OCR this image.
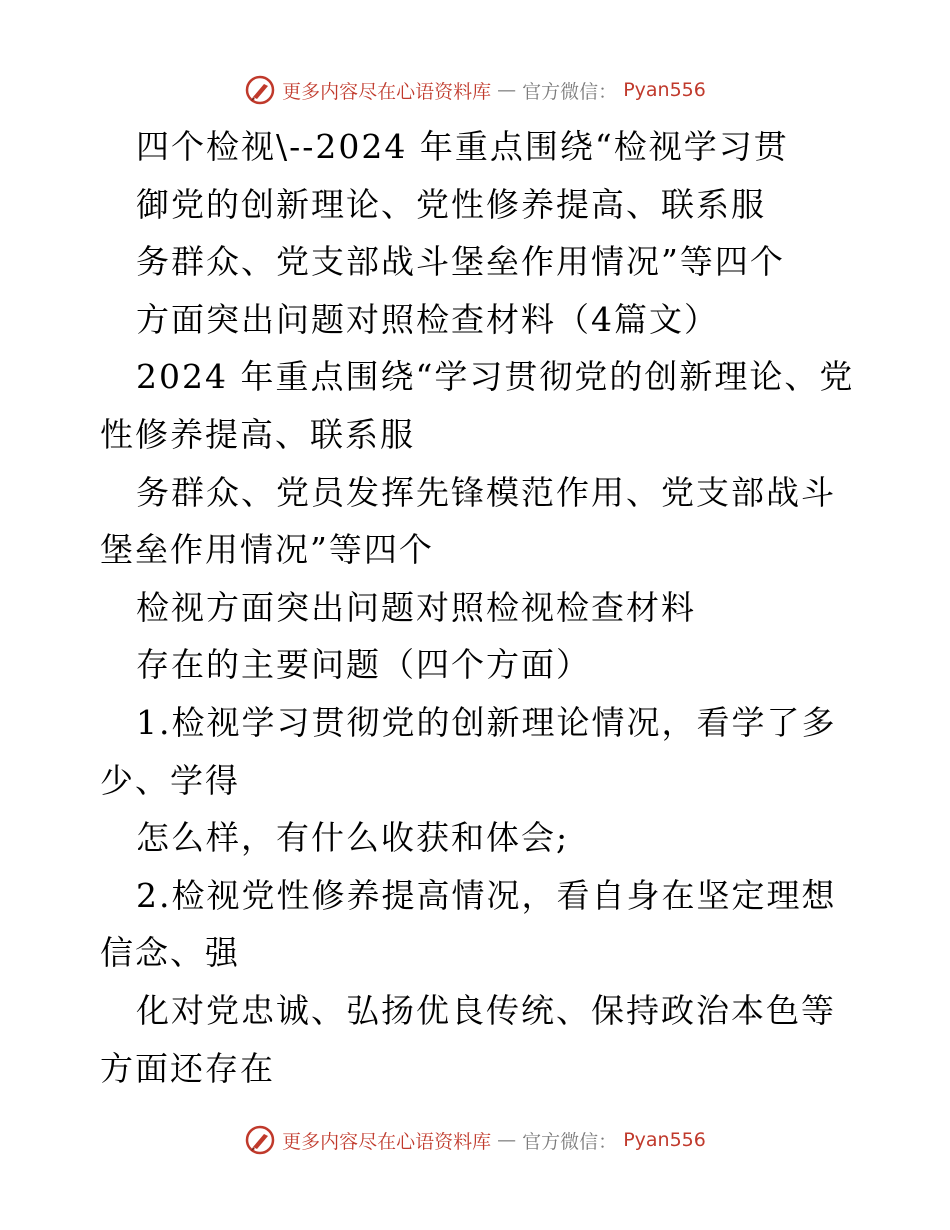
更多内容尽在心语资料库 — 官方微信： Pyan556

四个检视\--2024 年重点围绕“检视学习贯

御党的创新理论、党性修养提高、联系服

务群众、党支部战斗堡垒作用情况”等四个

方面突出问题对照检查材料（4篇文）

2024 年重点围绕“学习贯彻党的创新理论、党性修养提高、联系服

务群众、党员发挥先锋模范作用、党支部战斗堡垒作用情况”等四个

检视方面突出问题对照检视检查材料

存在的主要问题（四个方面）

1.检视学习贯彻党的创新理论情况，看学了多少、学得

怎么样，有什么收获和体会;

2.检视党性修养提高情况，看自身在坚定理想信念、强

化对党忠诚、弘扬优良传统、保持政治本色等方面还存在

更多内容尽在心语资料库 — 官方微信： Pyan556
